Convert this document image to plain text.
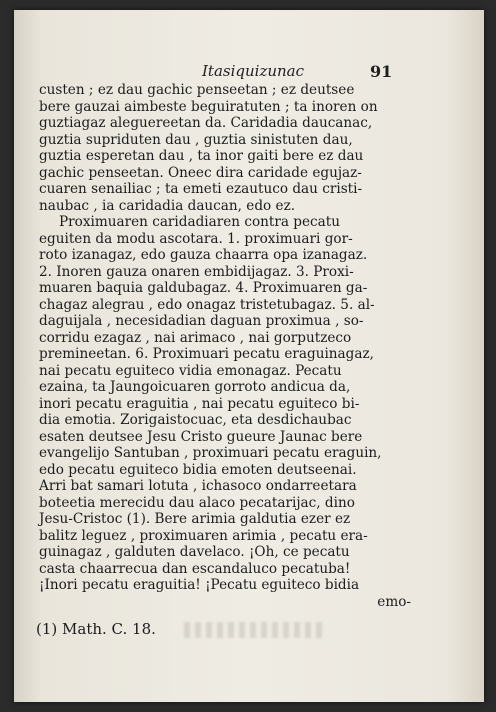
Itasiquizunac	91
custen ; ez dau gachic penseetan ; ez deutsee
bere gauzai aimbeste beguiratuten ; ta inoren on
guztiagaz aleguereetan da. Caridadia daucanac,
guztia supriduten dau , guztia sinistuten dau,
guztia esperetan dau , ta inor gaiti bere ez dau
gachic penseetan. Oneec dira caridade egujaz-
cuaren senailiac ; ta emeti ezautuco dau cristi-
naubac , ia caridadia daucan, edo ez.
Proximuaren caridadiaren contra pecatu
eguiten da modu ascotara. 1. proximuari gor-
roto izanagaz, edo gauza chaarra opa izanagaz.
2. Inoren gauza onaren embidijagaz. 3. Proxi-
muaren baquia galdubagaz. 4. Proximuaren ga-
chagaz alegrau , edo onagaz tristetubagaz. 5. al-
daguijala , necesidadian daguan proximua , so-
corridu ezagaz , nai arimaco , nai gorputzeco
premineetan. 6. Proximuari pecatu eraguinagaz,
nai pecatu eguiteco vidia emonagaz. Pecatu
ezaina, ta Jaungoicuaren gorroto andicua da,
inori pecatu eraguitia , nai pecatu eguiteco bi-
dia emotia. Zorigaistocuac, eta desdichaubac
esaten deutsee Jesu Cristo gueure Jaunac bere
evangelijo Santuban , proximuari pecatu eraguin,
edo pecatu eguiteco bidia emoten deutseenai.
Arri bat samari lotuta , ichasoco ondarreetara
boteetia merecidu dau alaco pecatarijac, dino
Jesu-Cristoc (1). Bere arimia galdutia ezer ez
balitz leguez , proximuaren arimia , pecatu era-
guinagaz , galduten davelaco. ¡Oh, ce pecatu
casta chaarrecua dan escandaluco pecatuba!
¡Inori pecatu eraguitia! ¡Pecatu eguiteco bidia
emo-
(1) Math. C. 18.
